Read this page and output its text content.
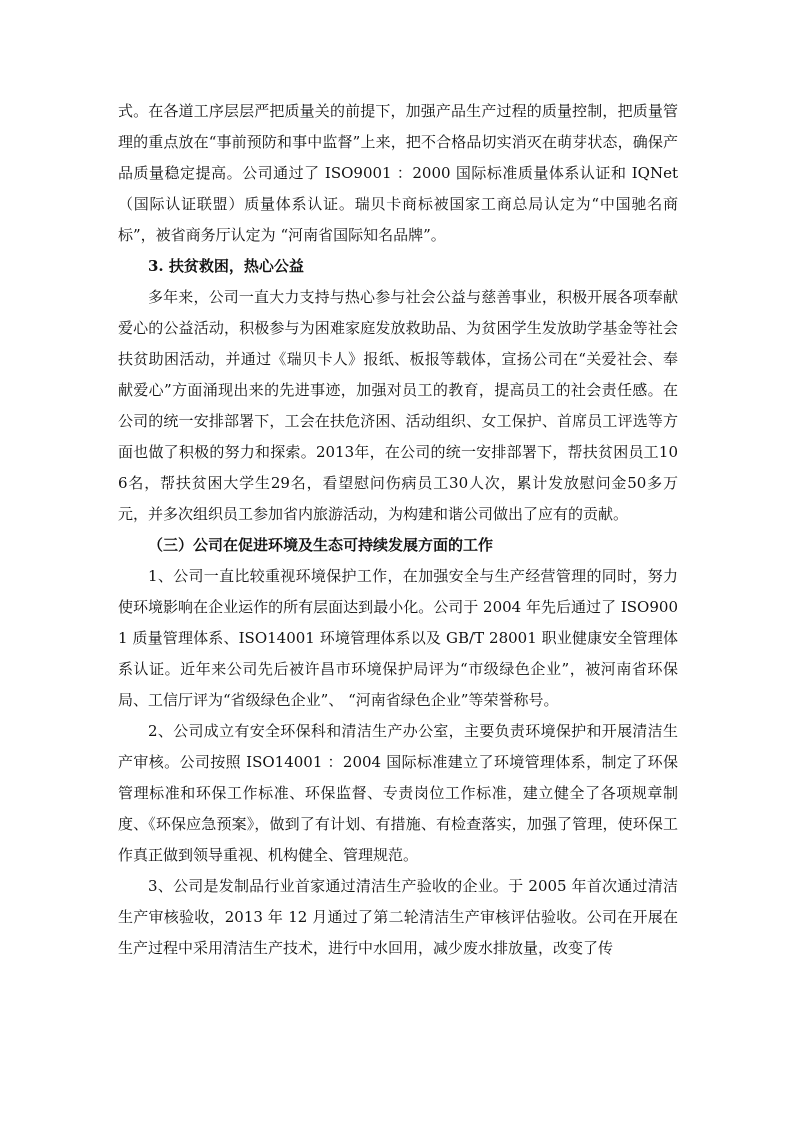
式。在各道工序层层严把质量关的前提下，加强产品生产过程的质量控制，把质量管理的重点放在“事前预防和事中监督”上来，把不合格品切实消灭在萌芽状态，确保产品质量稳定提高。公司通过了 ISO9001 ：2000 国际标准质量体系认证和 IQNet（国际认证联盟）质量体系认证。瑞贝卡商标被国家工商总局认定为“中国驰名商标”，被省商务厅认定为 “河南省国际知名品牌”。

3. 扶贫救困，热心公益

多年来，公司一直大力支持与热心参与社会公益与慈善事业，积极开展各项奉献爱心的公益活动，积极参与为困难家庭发放救助品、为贫困学生发放助学基金等社会扶贫助困活动，并通过《瑞贝卡人》报纸、板报等载体，宣扬公司在“关爱社会、奉献爱心”方面涌现出来的先进事迹，加强对员工的教育，提高员工的社会责任感。在公司的统一安排部署下，工会在扶危济困、活动组织、女工保护、首席员工评选等方面也做了积极的努力和探索。2013年，在公司的统一安排部署下，帮扶贫困员工106名，帮扶贫困大学生29名，看望慰问伤病员工30人次，累计发放慰问金50多万元，并多次组织员工参加省内旅游活动，为构建和谐公司做出了应有的贡献。

（三）公司在促进环境及生态可持续发展方面的工作

1、公司一直比较重视环境保护工作，在加强安全与生产经营管理的同时，努力使环境影响在企业运作的所有层面达到最小化。公司于 2004 年先后通过了 ISO9001 质量管理体系、ISO14001 环境管理体系以及 GB/T 28001 职业健康安全管理体系认证。近年来公司先后被许昌市环境保护局评为“市级绿色企业”，被河南省环保局、工信厅评为“省级绿色企业”、 “河南省绿色企业”等荣誉称号。

2、公司成立有安全环保科和清洁生产办公室，主要负责环境保护和开展清洁生产审核。公司按照 ISO14001 ：2004 国际标准建立了环境管理体系，制定了环保管理标准和环保工作标准、环保监督、专责岗位工作标准，建立健全了各项规章制度、《环保应急预案》，做到了有计划、有措施、有检查落实，加强了管理，使环保工作真正做到领导重视、机构健全、管理规范。

3、公司是发制品行业首家通过清洁生产验收的企业。于 2005 年首次通过清洁生产审核验收，2013 年 12 月通过了第二轮清洁生产审核评估验收。公司在开展在生产过程中采用清洁生产技术，进行中水回用，减少废水排放量，改变了传
